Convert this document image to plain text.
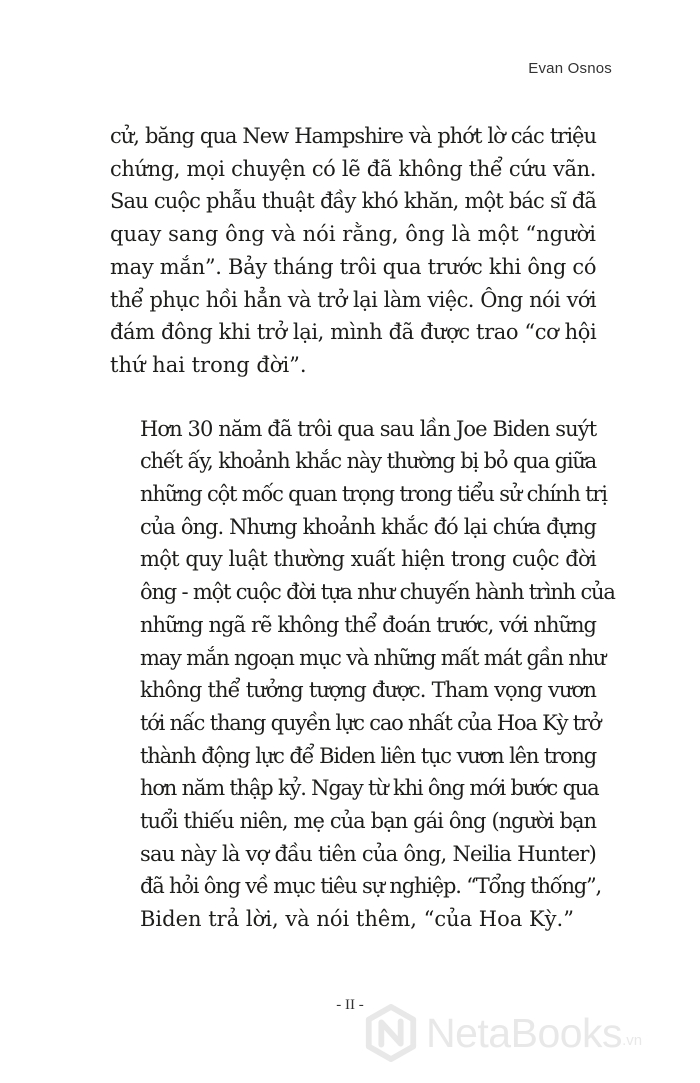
Evan Osnos

cử, băng qua New Hampshire và phớt lờ các triệu
chứng, mọi chuyện có lẽ đã không thể cứu vãn.
Sau cuộc phẫu thuật đầy khó khăn, một bác sĩ đã
quay sang ông và nói rằng, ông là một “người
may mắn”. Bảy tháng trôi qua trước khi ông có
thể phục hồi hẳn và trở lại làm việc. Ông nói với
đám đông khi trở lại, mình đã được trao “cơ hội
thứ hai trong đời”.

Hơn 30 năm đã trôi qua sau lần Joe Biden suýt
chết ấy, khoảnh khắc này thường bị bỏ qua giữa
những cột mốc quan trọng trong tiểu sử chính trị
của ông. Nhưng khoảnh khắc đó lại chứa đựng
một quy luật thường xuất hiện trong cuộc đời
ông - một cuộc đời tựa như chuyến hành trình của
những ngã rẽ không thể đoán trước, với những
may mắn ngoạn mục và những mất mát gần như
không thể tưởng tượng được. Tham vọng vươn
tới nấc thang quyền lực cao nhất của Hoa Kỳ trở
thành động lực để Biden liên tục vươn lên trong
hơn năm thập kỷ. Ngay từ khi ông mới bước qua
tuổi thiếu niên, mẹ của bạn gái ông (người bạn
sau này là vợ đầu tiên của ông, Neilia Hunter)
đã hỏi ông về mục tiêu sự nghiệp. “Tổng thống”,
Biden trả lời, và nói thêm, “của Hoa Kỳ.”

- II -
NetaBooks .vn
